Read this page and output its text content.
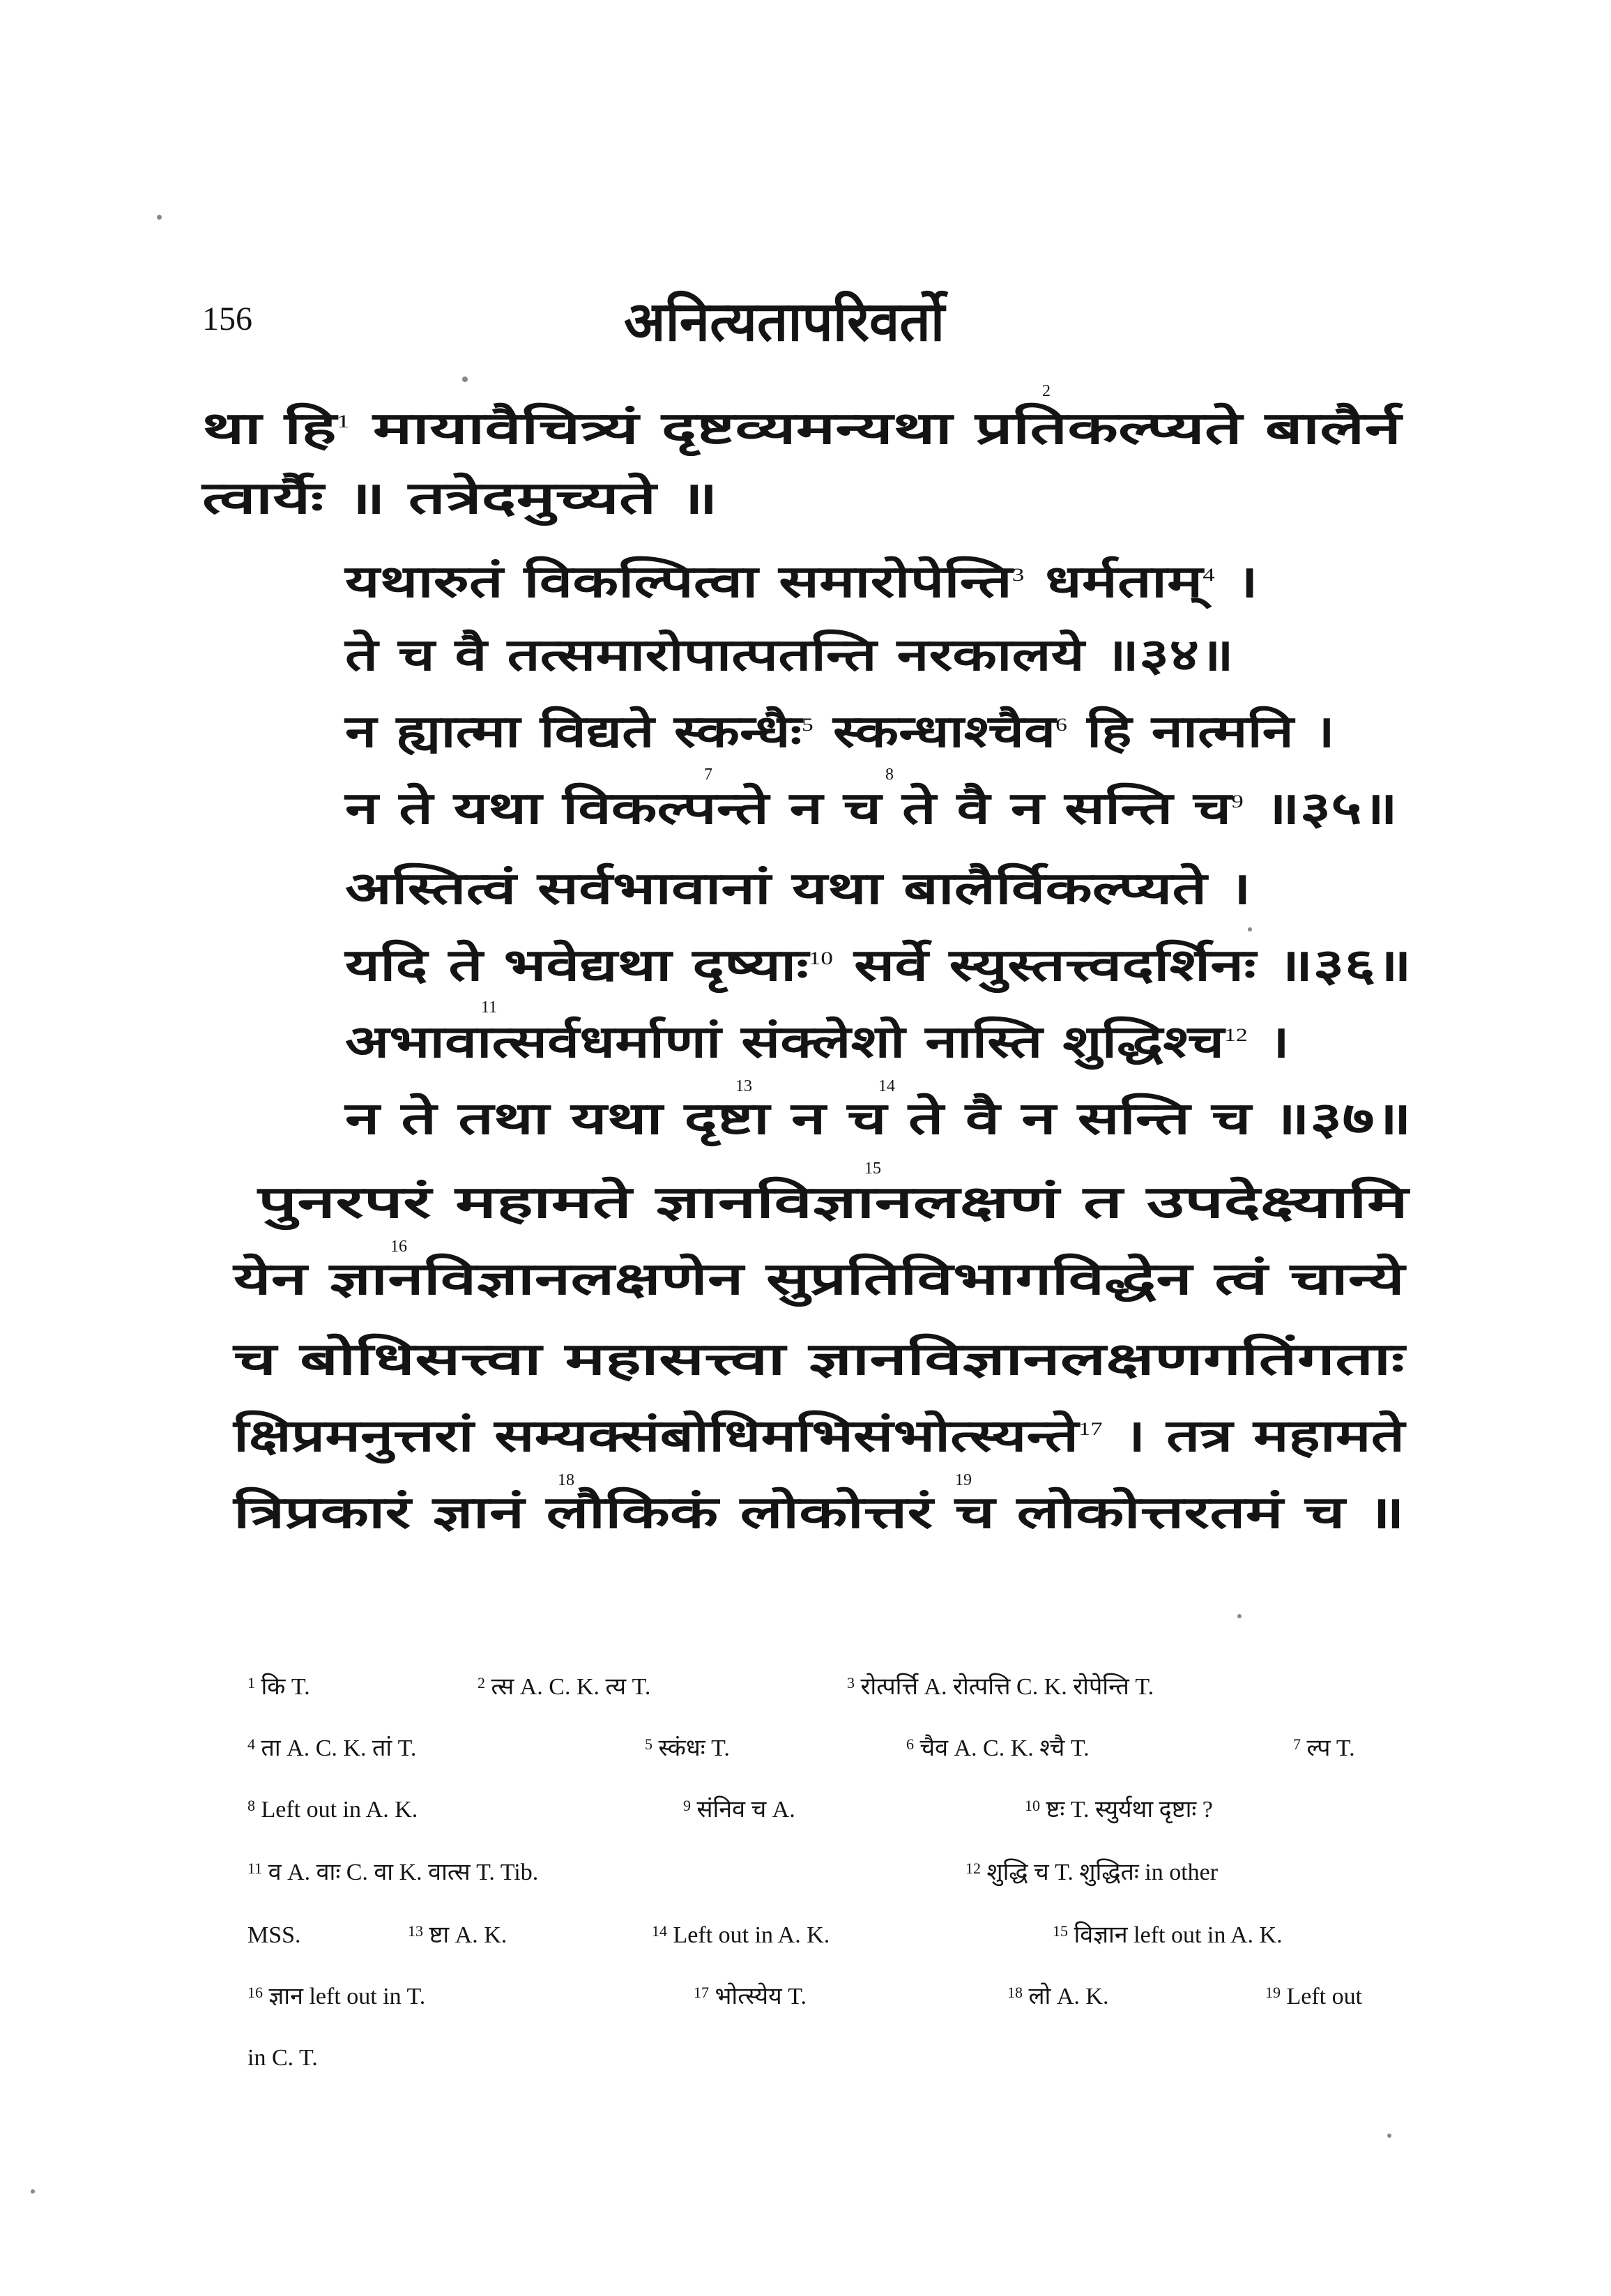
156	अनित्यतापरिवर्तो
था हि$^1$ मायावैचित्र्यं दृष्टव्यमन्यथा प्रतिकल्प्यते बालैर्न
त्वार्यैः ॥ तत्रेदमुच्यते ॥
यथारुतं विकल्पित्वा समारोपेन्ति$^3$ धर्मताम्$^4$ ।
ते च वै तत्समारोपात्पतन्ति नरकालये ॥३४॥
न ह्यात्मा विद्यते स्कन्धैः$^5$ स्कन्धाश्चैव$^6$ हि नात्मनि ।
न ते यथा विकल्पन्ते न च ते वै न सन्ति च$^9$ ॥३५॥
अस्तित्वं सर्वभावानां यथा बालैर्विकल्प्यते ।
यदि ते भवेद्यथा दृष्याः$^{10}$ सर्वे स्युस्तत्त्वदर्शिनः ॥३६॥
अभावात्सर्वधर्माणां संक्लेशो नास्ति शुद्धिश्च$^{12}$ ।
न ते तथा यथा दृष्टा न च ते वै न सन्ति च ॥३७॥
पुनरपरं महामते ज्ञानविज्ञानलक्षणं त उपदेक्ष्यामि
येन ज्ञानविज्ञानलक्षणेन सुप्रतिविभागविद्धेन त्वं चान्ये
च बोधिसत्त्वा महासत्त्वा ज्ञानविज्ञानलक्षणगतिंगताः
क्षिप्रमनुत्तरां सम्यक्संबोधिमभिसंभोत्स्यन्ते$^{17}$ । तत्र महामते
त्रिप्रकारं ज्ञानं लौकिकं लोकोत्तरं च लोकोत्तरतमं च ॥
2
7	8
11
13	14
15
16
18	19
$^1$ कि T.	$^2$ त्स A. C. K. त्य T.	$^3$ रोत्पर्त्ति A. रोत्पत्ति C. K. रोपेन्ति T.
$^4$ ता A. C. K. तां T.	$^5$ स्कंधः T.	$^6$ चैव A. C. K. श्चै T.	$^7$ ल्प T.
$^8$ Left out in A. K.	$^9$ संनिव च A.	$^{10}$ ष्टः T. स्युर्यथा दृष्टाः ?
$^{11}$ व A. वाः C. वा K. वात्स T. Tib.	$^{12}$ शुद्धि च T. शुद्धितः in other
MSS.	$^{13}$ ष्टा A. K.	$^{14}$ Left out in A. K.	$^{15}$ विज्ञान left out in A. K.
$^{16}$ ज्ञान left out in T.	$^{17}$ भोत्स्येय T.	$^{18}$ लो A. K.	$^{19}$ Left out
in C. T.
